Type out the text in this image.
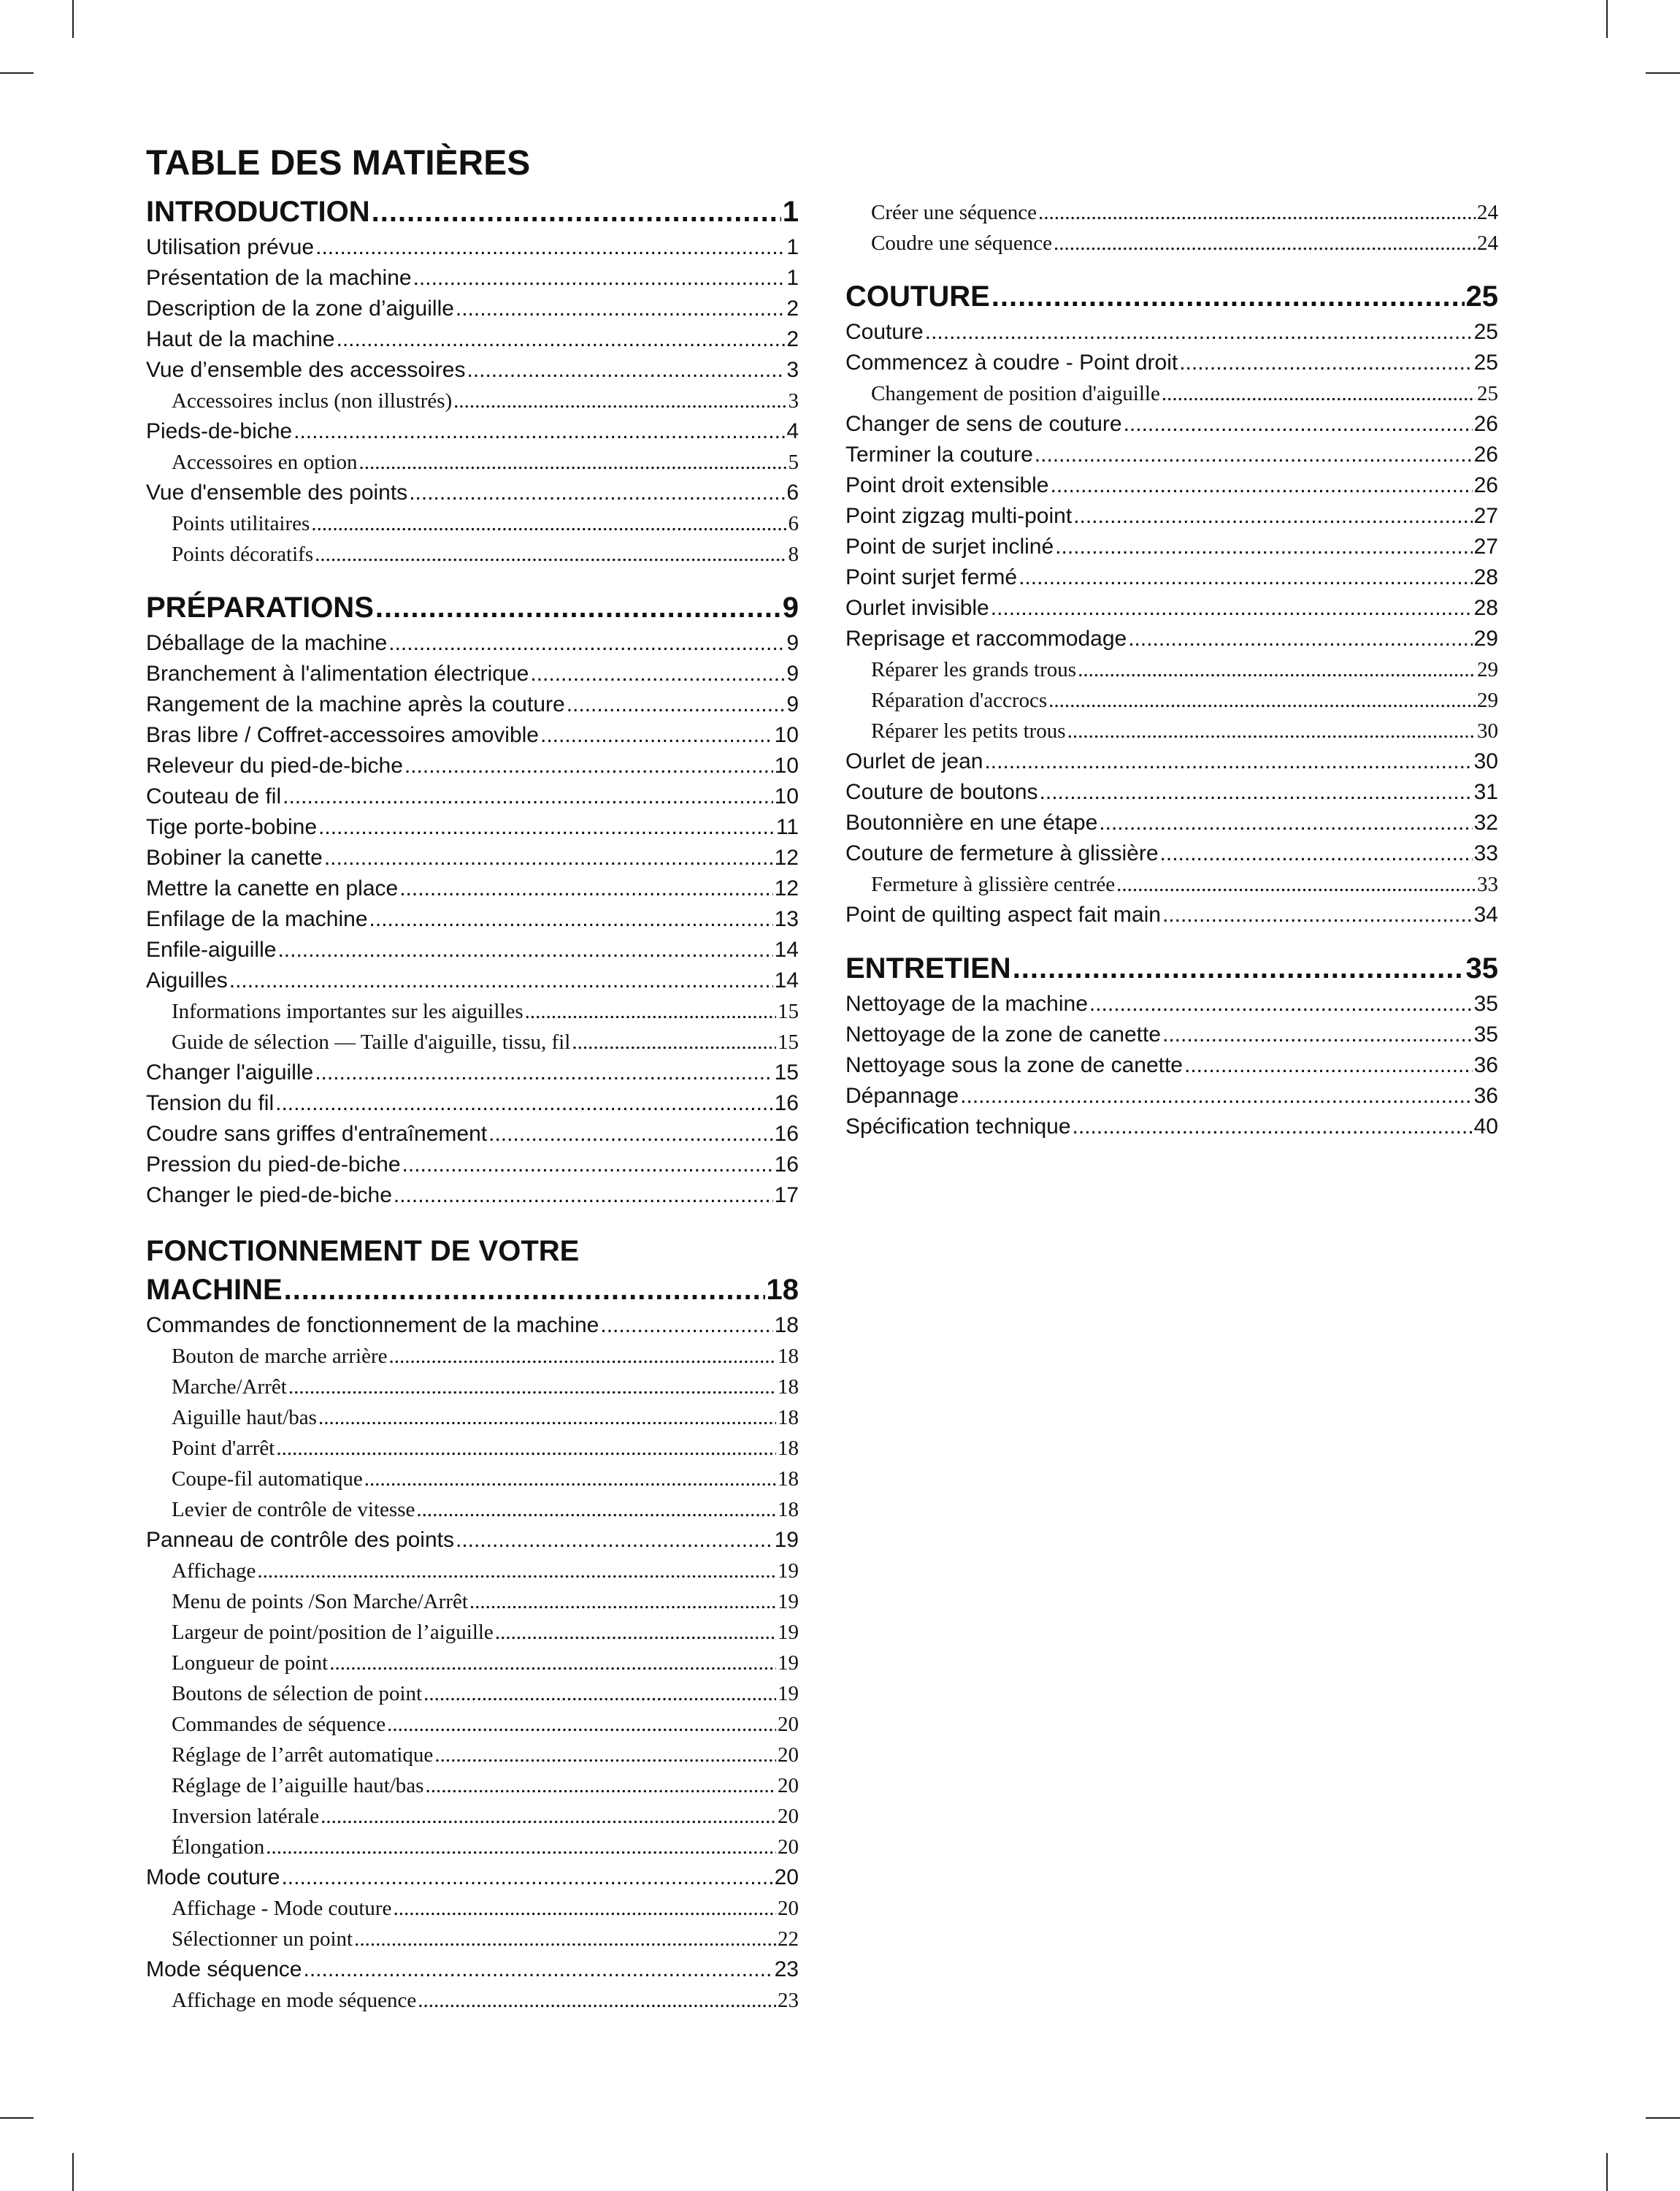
TABLE DES MATIÈRES
INTRODUCTION .....	1
Utilisation prévue .....	1
Présentation de la machine .....	1
Description de la zone d’aiguille .....	2
Haut de la machine .....	2
Vue d’ensemble des accessoires .....	3
Accessoires inclus (non illustrés) .....	3
Pieds-de-biche .....	4
Accessoires en option .....	5
Vue d'ensemble des points .....	6
Points utilitaires .....	6
Points décoratifs .....	8
PRÉPARATIONS .....	9
Déballage de la machine .....	9
Branchement à l'alimentation électrique .....	9
Rangement de la machine après la couture .....	9
Bras libre / Coffret-accessoires amovible .....	10
Releveur du pied-de-biche .....	10
Couteau de fil .....	10
Tige porte-bobine .....	11
Bobiner la canette .....	12
Mettre la canette en place .....	12
Enfilage de la machine .....	13
Enfile-aiguille .....	14
Aiguilles .....	14
Informations importantes sur les aiguilles .....	15
Guide de sélection — Taille d'aiguille, tissu, fil .....	15
Changer l'aiguille .....	15
Tension du fil .....	16
Coudre sans griffes d'entraînement .....	16
Pression du pied-de-biche .....	16
Changer le pied-de-biche .....	17
FONCTIONNEMENT DE VOTRE
MACHINE .....	18
Commandes de fonctionnement de la machine .....	18
Bouton de marche arrière .....	18
Marche/Arrêt .....	18
Aiguille haut/bas .....	18
Point d'arrêt .....	18
Coupe-fil automatique .....	18
Levier de contrôle de vitesse .....	18
Panneau de contrôle des points .....	19
Affichage .....	19
Menu de points /Son Marche/Arrêt .....	19
Largeur de point/position de l’aiguille .....	19
Longueur de point .....	19
Boutons de sélection de point .....	19
Commandes de séquence .....	20
Réglage de l’arrêt automatique .....	20
Réglage de l’aiguille haut/bas .....	20
Inversion latérale .....	20
Élongation .....	20
Mode couture .....	20
Affichage - Mode couture .....	20
Sélectionner un point .....	22
Mode séquence .....	23
Affichage en mode séquence .....	23
Créer une séquence .....	24
Coudre une séquence .....	24
COUTURE .....	25
Couture .....	25
Commencez à coudre - Point droit .....	25
Changement de position d'aiguille .....	25
Changer de sens de couture .....	26
Terminer la couture .....	26
Point droit extensible .....	26
Point zigzag multi-point .....	27
Point de surjet incliné .....	27
Point surjet fermé .....	28
Ourlet invisible .....	28
Reprisage et raccommodage .....	29
Réparer les grands trous .....	29
Réparation d'accrocs .....	29
Réparer les petits trous .....	30
Ourlet de jean .....	30
Couture de boutons .....	31
Boutonnière en une étape .....	32
Couture de fermeture à glissière .....	33
Fermeture à glissière centrée .....	33
Point de quilting aspect fait main .....	34
ENTRETIEN .....	35
Nettoyage de la machine .....	35
Nettoyage de la zone de canette .....	35
Nettoyage sous la zone de canette .....	36
Dépannage .....	36
Spécification technique .....	40
